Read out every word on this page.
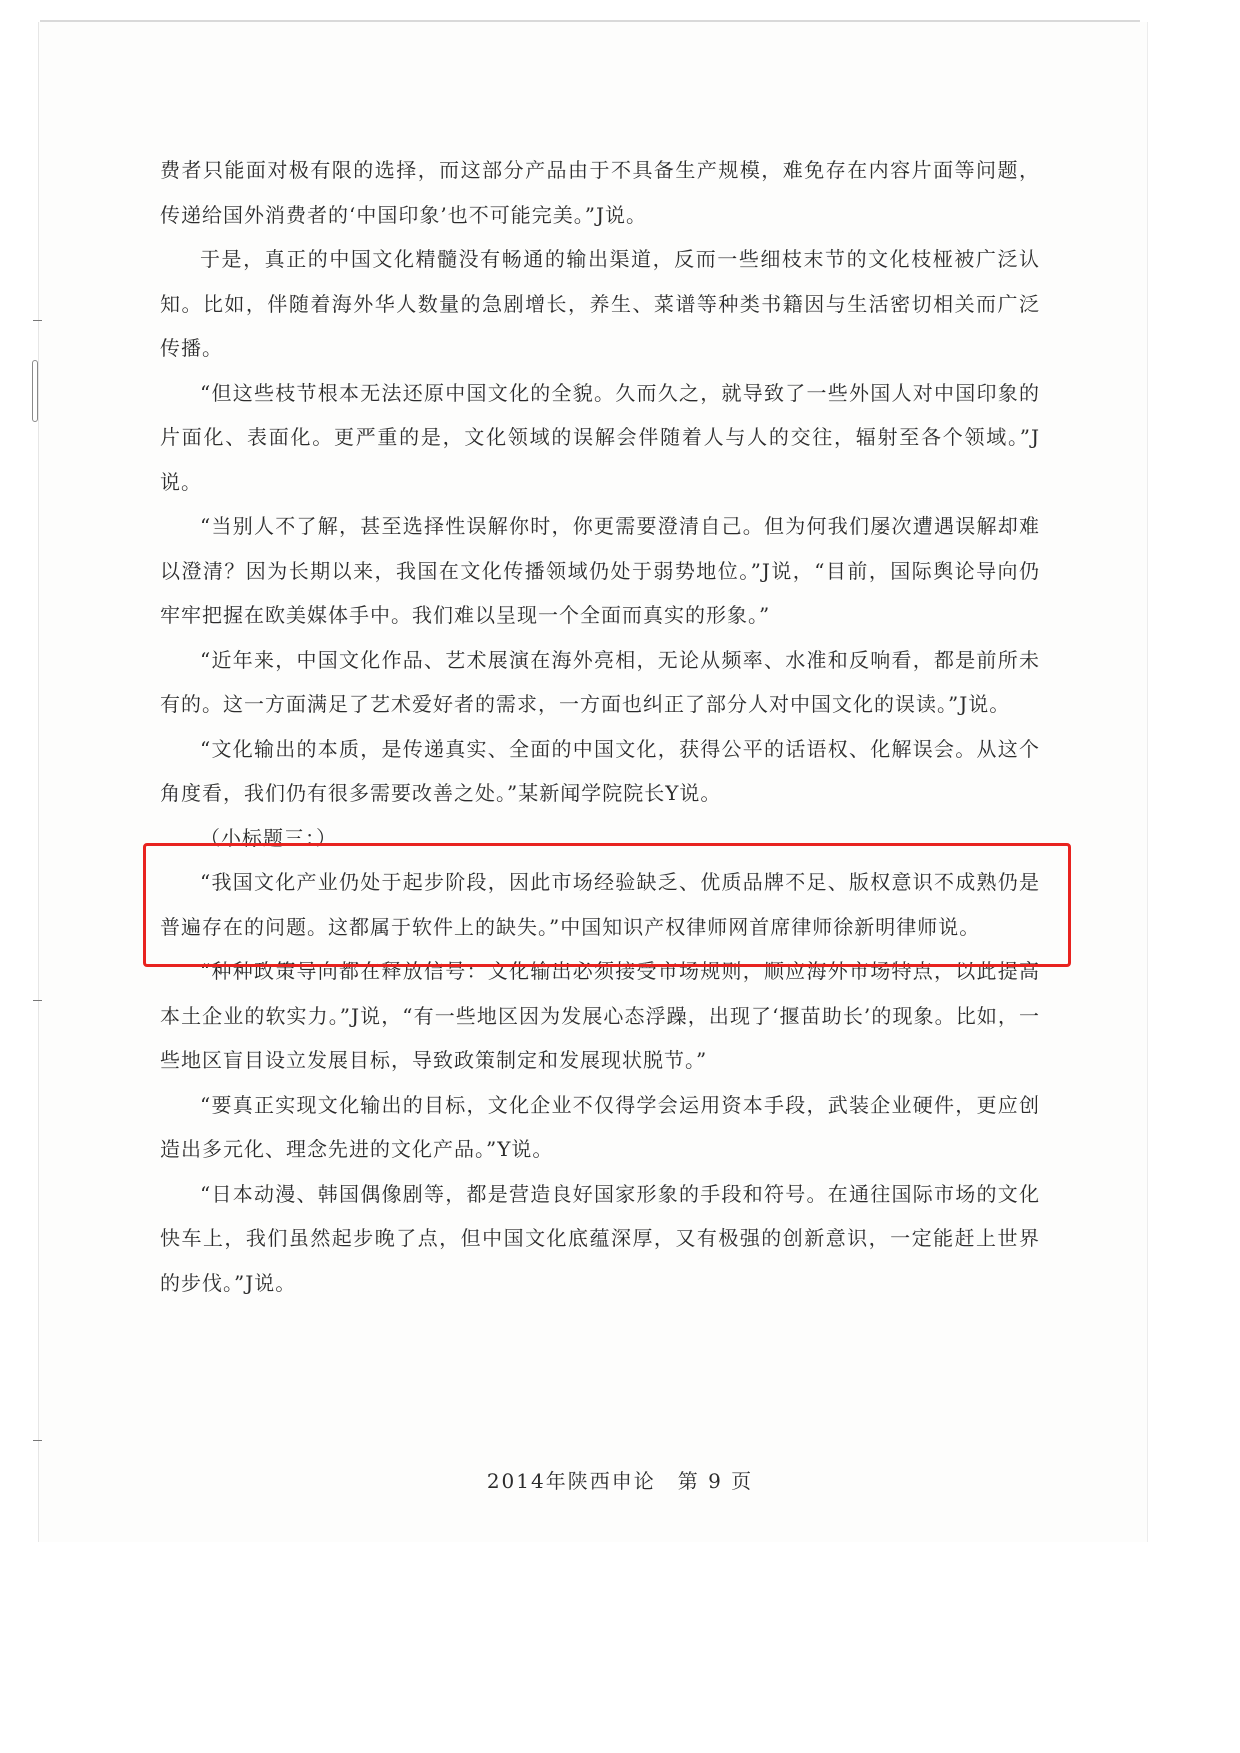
费者只能面对极有限的选择，而这部分产品由于不具备生产规模，难免存在内容片面等问题，传递给国外消费者的‘中国印象’也不可能完美。”J说。

于是，真正的中国文化精髓没有畅通的输出渠道，反而一些细枝末节的文化枝桠被广泛认知。比如，伴随着海外华人数量的急剧增长，养生、菜谱等种类书籍因与生活密切相关而广泛传播。

“但这些枝节根本无法还原中国文化的全貌。久而久之，就导致了一些外国人对中国印象的片面化、表面化。更严重的是，文化领域的误解会伴随着人与人的交往，辐射至各个领域。”J说。

“当别人不了解，甚至选择性误解你时，你更需要澄清自己。但为何我们屡次遭遇误解却难以澄清？因为长期以来，我国在文化传播领域仍处于弱势地位。”J说，“目前，国际舆论导向仍牢牢把握在欧美媒体手中。我们难以呈现一个全面而真实的形象。”

“近年来，中国文化作品、艺术展演在海外亮相，无论从频率、水准和反响看，都是前所未有的。这一方面满足了艺术爱好者的需求，一方面也纠正了部分人对中国文化的误读。”J说。

“文化输出的本质，是传递真实、全面的中国文化，获得公平的话语权、化解误会。从这个角度看，我们仍有很多需要改善之处。”某新闻学院院长Y说。

（小标题三：）

“我国文化产业仍处于起步阶段，因此市场经验缺乏、优质品牌不足、版权意识不成熟仍是普遍存在的问题。这都属于软件上的缺失。”中国知识产权律师网首席律师徐新明律师说。

“种种政策导向都在释放信号：文化输出必须接受市场规则，顺应海外市场特点，以此提高本土企业的软实力。”J说，“有一些地区因为发展心态浮躁，出现了‘揠苗助长’的现象。比如，一些地区盲目设立发展目标，导致政策制定和发展现状脱节。”

“要真正实现文化输出的目标，文化企业不仅得学会运用资本手段，武装企业硬件，更应创造出多元化、理念先进的文化产品。”Y说。

“日本动漫、韩国偶像剧等，都是营造良好国家形象的手段和符号。在通往国际市场的文化快车上，我们虽然起步晚了点，但中国文化底蕴深厚，又有极强的创新意识，一定能赶上世界的步伐。”J说。

2014年陕西申论 第 9 页
